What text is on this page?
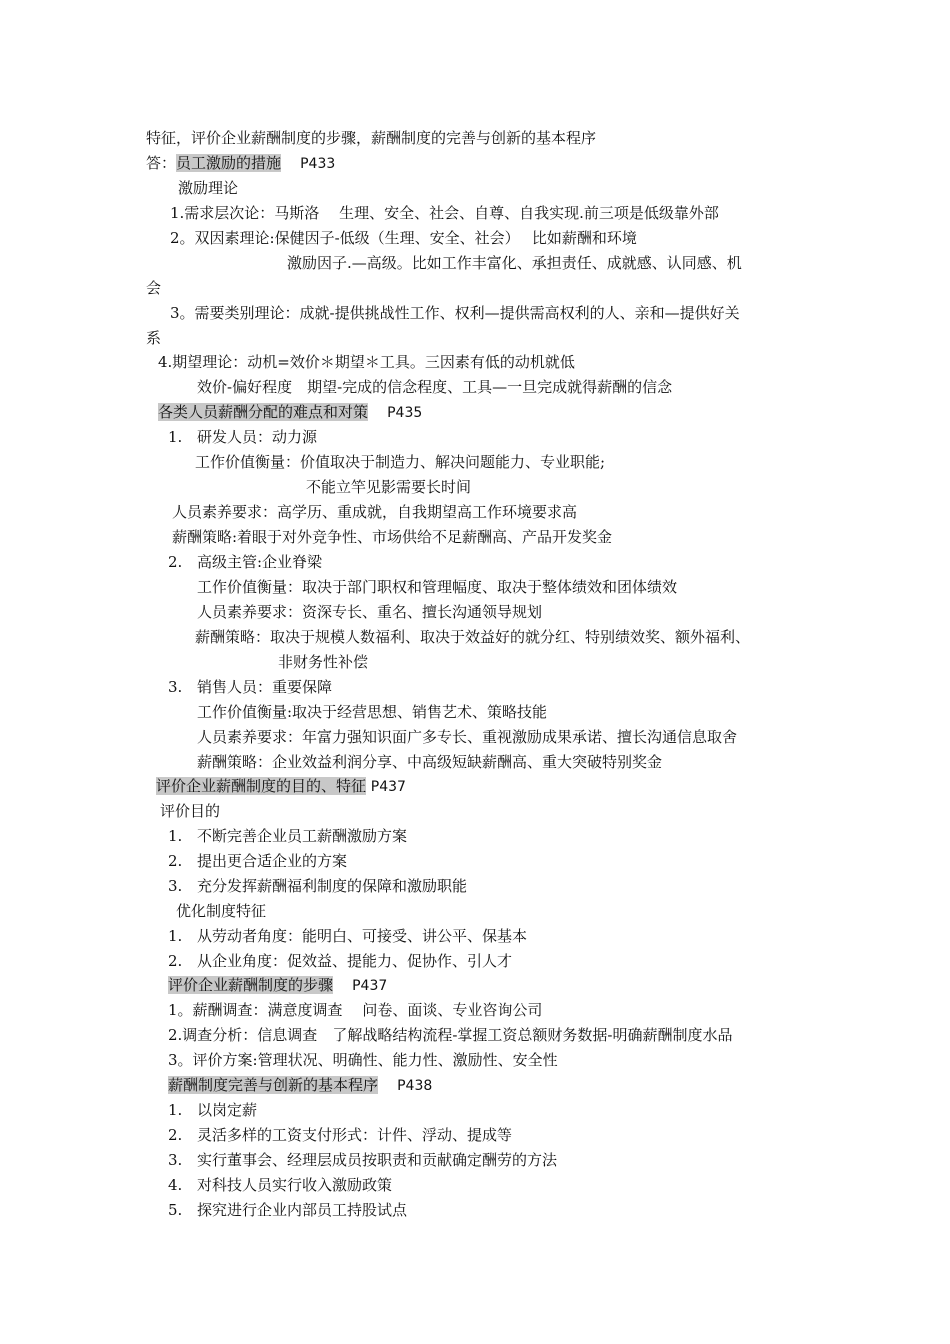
特征，评价企业薪酬制度的步骤，薪酬制度的完善与创新的基本程序
答：员工激励的措施 P433
激励理论
1.需求层次论：马斯洛　 生理、安全、社会、自尊、自我实现.前三项是低级靠外部
2。双因素理论:保健因子-低级（生理、安全、社会）　 比如薪酬和环境
激励因子.—高级。比如工作丰富化、承担责任、成就感、认同感、机
会
3。需要类别理论：成就-提供挑战性工作、权利—提供需高权利的人、亲和—提供好关
系
4.期望理论：动机=效价＊期望＊工具。三因素有低的动机就低
效价-偏好程度　期望-完成的信念程度、工具—一旦完成就得薪酬的信念
各类人员薪酬分配的难点和对策 P435
1. 研发人员：动力源
工作价值衡量：价值取决于制造力、解决问题能力、专业职能;
不能立竿见影需要长时间
人员素养要求：高学历、重成就，自我期望高工作环境要求高
薪酬策略:着眼于对外竞争性、市场供给不足薪酬高、产品开发奖金
2. 高级主管:企业脊梁
工作价值衡量：取决于部门职权和管理幅度、取决于整体绩效和团体绩效
人员素养要求：资深专长、重名、擅长沟通领导规划
薪酬策略：取决于规模人数福利、取决于效益好的就分红、特别绩效奖、额外福利、
非财务性补偿
3. 销售人员：重要保障
工作价值衡量:取决于经营思想、销售艺术、策略技能
人员素养要求：年富力强知识面广多专长、重视激励成果承诺、擅长沟通信息取舍
薪酬策略：企业效益利润分享、中高级短缺薪酬高、重大突破特别奖金
评价企业薪酬制度的目的、特征 P437
评价目的
1. 不断完善企业员工薪酬激励方案
2. 提出更合适企业的方案
3. 充分发挥薪酬福利制度的保障和激励职能
优化制度特征
1. 从劳动者角度：能明白、可接受、讲公平、保基本
2. 从企业角度：促效益、提能力、促协作、引人才
评价企业薪酬制度的步骤 P437
1。薪酬调查：满意度调查　 问卷、面谈、专业咨询公司
2.调查分析：信息调查　了解战略结构流程-掌握工资总额财务数据-明确薪酬制度水品
3。评价方案:管理状况、明确性、能力性、激励性、安全性
薪酬制度完善与创新的基本程序 P438
1. 以岗定薪
2. 灵活多样的工资支付形式：计件、浮动、提成等
3. 实行董事会、经理层成员按职责和贡献确定酬劳的方法
4. 对科技人员实行收入激励政策
5. 探究进行企业内部员工持股试点
